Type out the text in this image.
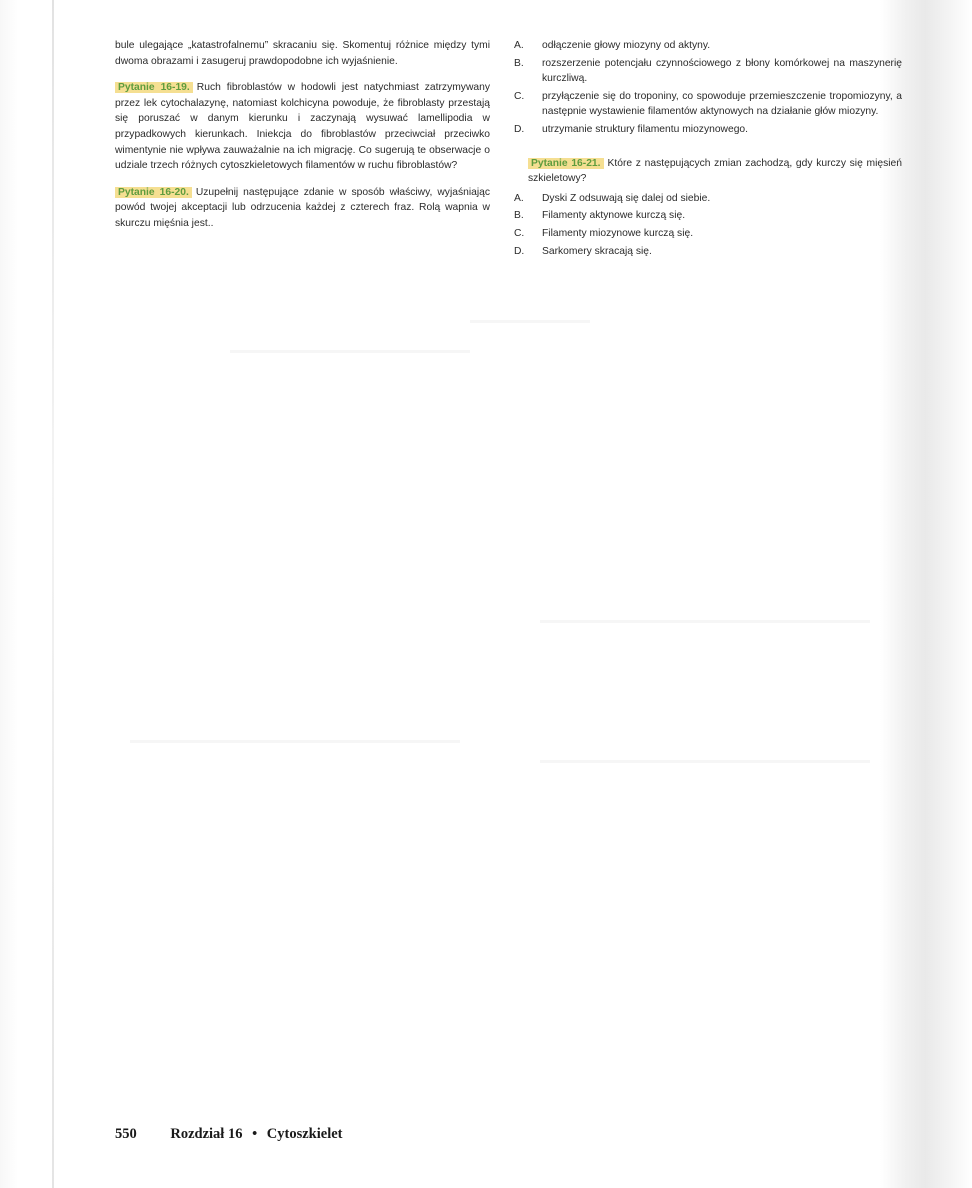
bule ulegające „katastrofalnemu” skracaniu się. Skomentuj różnice między tymi dwoma obrazami i zasugeruj prawdopodobne ich wyjaśnienie.

Pytanie 16-19. Ruch fibroblastów w hodowli jest natychmiast zatrzymywany przez lek cytochalazynę, natomiast kolchicyna powoduje, że fibroblasty przestają się poruszać w danym kierunku i zaczynają wysuwać lamellipodia w przypadkowych kierunkach. Iniekcja do fibroblastów przeciwciał przeciwko wimentynie nie wpływa zauważalnie na ich migrację. Co sugerują te obserwacje o udziale trzech różnych cytoszkieletowych filamentów w ruchu fibroblastów?

Pytanie 16-20. Uzupełnij następujące zdanie w sposób właściwy, wyjaśniając powód twojej akceptacji lub odrzucenia każdej z czterech fraz. Rolą wapnia w skurczu mięśnia jest..

A. odłączenie głowy miozyny od aktyny.
B. rozszerzenie potencjału czynnościowego z błony komórkowej na maszynerię kurczliwą.
C. przyłączenie się do troponiny, co spowoduje przemieszczenie tropomiozyny, a następnie wystawienie filamentów aktynowych na działanie głów miozyny.
D. utrzymanie struktury filamentu miozynowego.

Pytanie 16-21. Które z następujących zmian zachodzą, gdy kurczy się mięsień szkieletowy?

A. Dyski Z odsuwają się dalej od siebie.
B. Filamenty aktynowe kurczą się.
C. Filamenty miozynowe kurczą się.
D. Sarkomery skracają się.
550 Rozdział 16 • Cytoszkielet
